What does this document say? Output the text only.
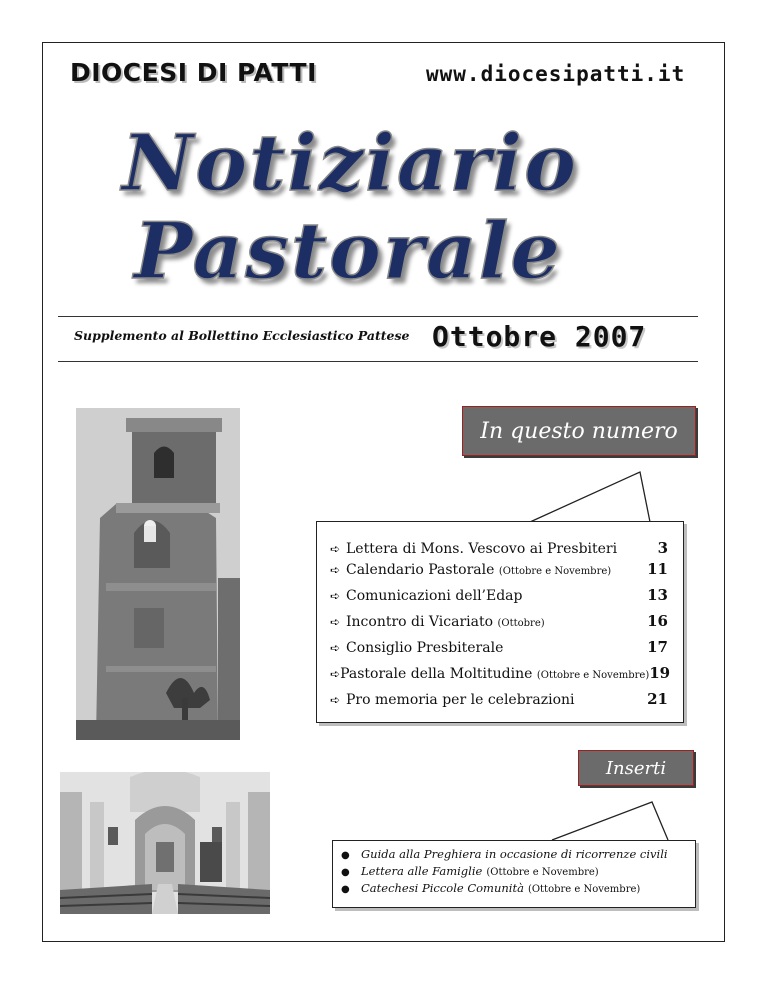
DIOCESI DI PATTI	www.diocesipatti.it
Notiziario
Pastorale
Supplemento al Bollettino Ecclesiastico Pattese Ottobre 2007
In questo numero
➪ Lettera di Mons. Vescovo ai Presbiteri	3
➪ Calendario Pastorale (Ottobre e Novembre)	11
➪ Comunicazioni dell’Edap	13
➪ Incontro di Vicariato (Ottobre)	16
➪ Consiglio Presbiterale	17
➪ Pastorale della Moltitudine (Ottobre e Novembre) 19
➪ Pro memoria per le celebrazioni	21
Inserti
● Guida alla Preghiera in occasione di ricorrenze civili
● Lettera alle Famiglie (Ottobre e Novembre)
● Catechesi Piccole Comunità (Ottobre e Novembre)
